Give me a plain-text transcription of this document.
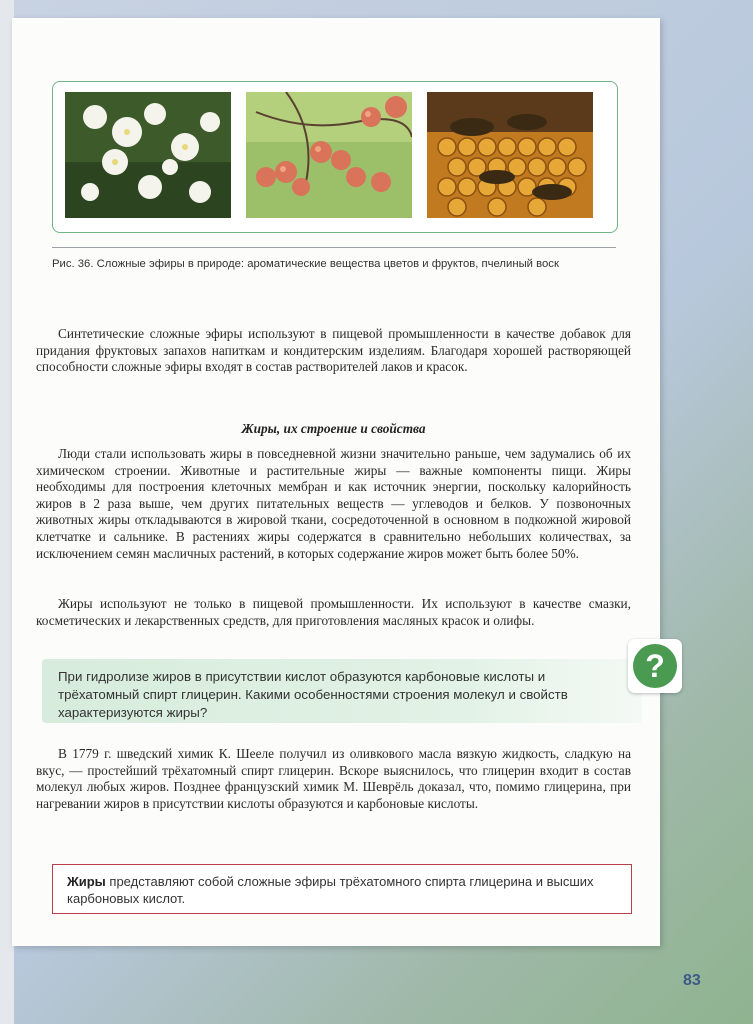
Рис. 36. Сложные эфиры в природе: ароматические вещества цветов и фруктов, пчелиный воск

Синтетические сложные эфиры используют в пищевой промышленности в качестве добавок для придания фруктовых запахов напиткам и кондитерским изделиям. Благодаря хорошей растворяющей способности сложные эфиры входят в состав растворителей лаков и красок.

Жиры, их строение и свойства

Люди стали использовать жиры в повседневной жизни значительно раньше, чем задумались об их химическом строении. Животные и растительные жиры — важные компоненты пищи. Жиры необходимы для построения клеточных мембран и как источник энергии, поскольку калорийность жиров в 2 раза выше, чем других питательных веществ — углеводов и белков. У позвоночных животных жиры откладываются в жировой ткани, сосредоточенной в основном в подкожной жировой клетчатке и сальнике. В растениях жиры содержатся в сравнительно небольших количествах, за исключением семян масличных растений, в которых содержание жиров может быть более 50%.

Жиры используют не только в пищевой промышленности. Их используют в качестве смазки, косметических и лекарственных средств, для приготовления масляных красок и олифы.

При гидролизе жиров в присутствии кислот образуются карбоновые кислоты и трёхатомный спирт глицерин. Какими особенностями строения молекул и свойств характеризуются жиры?

В 1779 г. шведский химик К. Шееле получил из оливкового масла вязкую жидкость, сладкую на вкус, — простейший трёхатомный спирт глицерин. Вскоре выяснилось, что глицерин входит в состав молекул любых жиров. Позднее французский химик М. Шеврёль доказал, что, помимо глицерина, при нагревании жиров в присутствии кислоты образуются и карбоновые кислоты.

Жиры представляют собой сложные эфиры трёхатомного спирта глицерина и высших карбоновых кислот.
?
83
